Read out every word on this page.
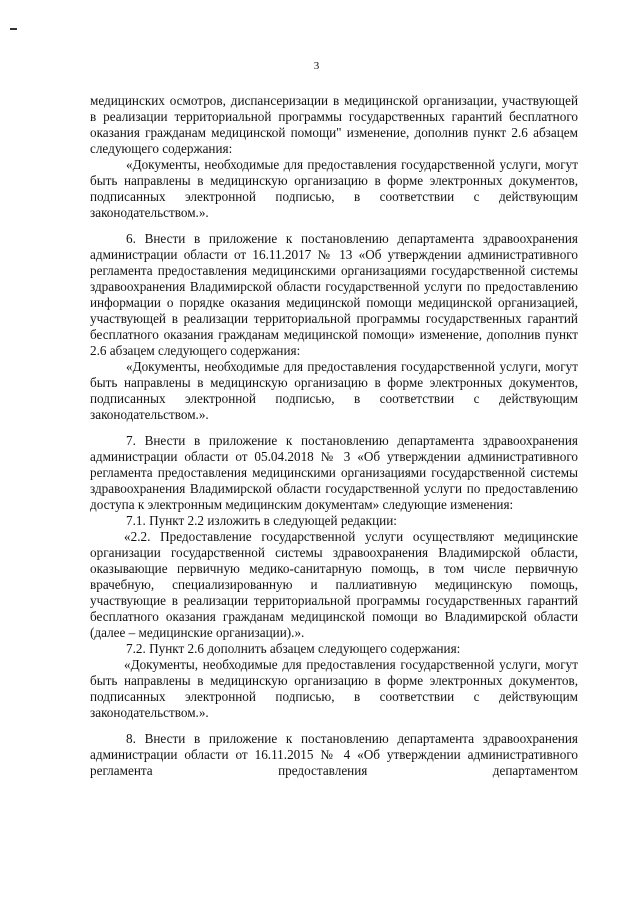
3

медицинских осмотров, диспансеризации в медицинской организации, участвующей в реализации территориальной программы государственных гарантий бесплатного оказания гражданам медицинской помощи" изменение, дополнив пункт 2.6 абзацем следующего содержания:

«Документы, необходимые для предоставления государственной услуги, могут быть направлены в медицинскую организацию в форме электронных документов, подписанных электронной подписью, в соответствии с действующим законодательством.».

6. Внести в приложение к постановлению департамента здравоохранения администрации области от 16.11.2017 № 13 «Об утверждении административного регламента предоставления медицинскими организациями государственной системы здравоохранения Владимирской области государственной услуги по предоставлению информации о порядке оказания медицинской помощи медицинской организацией, участвующей в реализации территориальной программы государственных гарантий бесплатного оказания гражданам медицинской помощи» изменение, дополнив пункт 2.6 абзацем следующего содержания:

«Документы, необходимые для предоставления государственной услуги, могут быть направлены в медицинскую организацию в форме электронных документов, подписанных электронной подписью, в соответствии с действующим законодательством.».

7. Внести в приложение к постановлению департамента здравоохранения администрации области от 05.04.2018 № 3 «Об утверждении административного регламента предоставления медицинскими организациями государственной системы здравоохранения Владимирской области государственной услуги по предоставлению доступа к электронным медицинским документам» следующие изменения:

7.1. Пункт 2.2 изложить в следующей редакции:

«2.2. Предоставление государственной услуги осуществляют медицинские организации государственной системы здравоохранения Владимирской области, оказывающие первичную медико-санитарную помощь, в том числе первичную врачебную, специализированную и паллиативную медицинскую помощь, участвующие в реализации территориальной программы государственных гарантий бесплатного оказания гражданам медицинской помощи во Владимирской области (далее – медицинские организации).».

7.2. Пункт 2.6 дополнить абзацем следующего содержания:

«Документы, необходимые для предоставления государственной услуги, могут быть направлены в медицинскую организацию в форме электронных документов, подписанных электронной подписью, в соответствии с действующим законодательством.».

8. Внести в приложение к постановлению департамента здравоохранения администрации области от 16.11.2015 № 4 «Об утверждении административного регламента предоставления департаментом
